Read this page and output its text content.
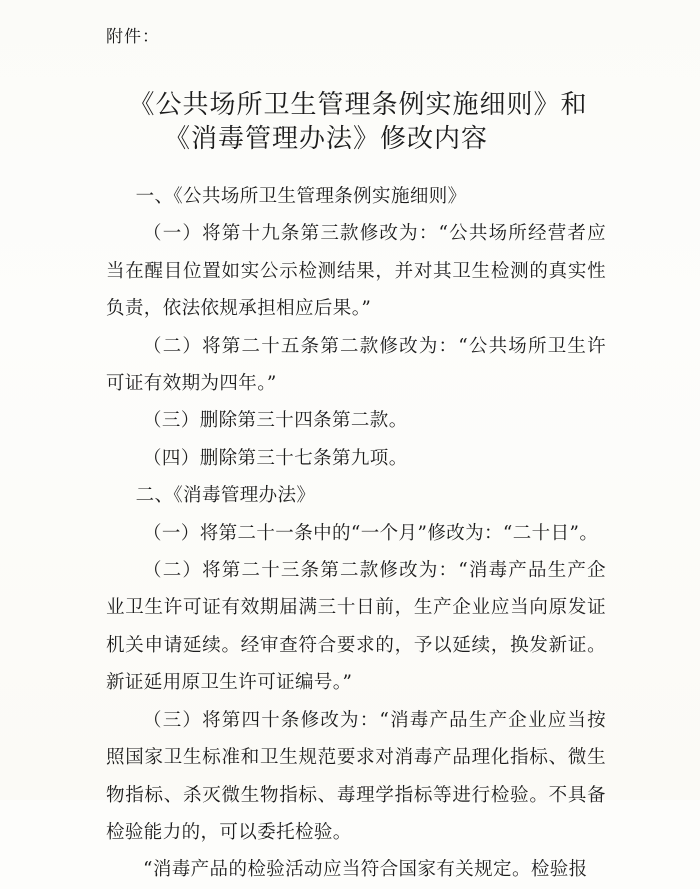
附件：
《公共场所卫生管理条例实施细则》和
《消毒管理办法》修改内容

一、《公共场所卫生管理条例实施细则》

（一）将第十九条第三款修改为：“公共场所经营者应当在醒目位置如实公示检测结果，并对其卫生检测的真实性负责，依法依规承担相应后果。”

（二）将第二十五条第二款修改为：“公共场所卫生许可证有效期为四年。”

（三）删除第三十四条第二款。

（四）删除第三十七条第九项。

二、《消毒管理办法》

（一）将第二十一条中的“一个月”修改为：“二十日”。

（二）将第二十三条第二款修改为：“消毒产品生产企业卫生许可证有效期届满三十日前，生产企业应当向原发证机关申请延续。经审查符合要求的，予以延续，换发新证。新证延用原卫生许可证编号。”

（三）将第四十条修改为：“消毒产品生产企业应当按照国家卫生标准和卫生规范要求对消毒产品理化指标、微生物指标、杀灭微生物指标、毒理学指标等进行检验。不具备检验能力的，可以委托检验。

“消毒产品的检验活动应当符合国家有关规定。检验报
